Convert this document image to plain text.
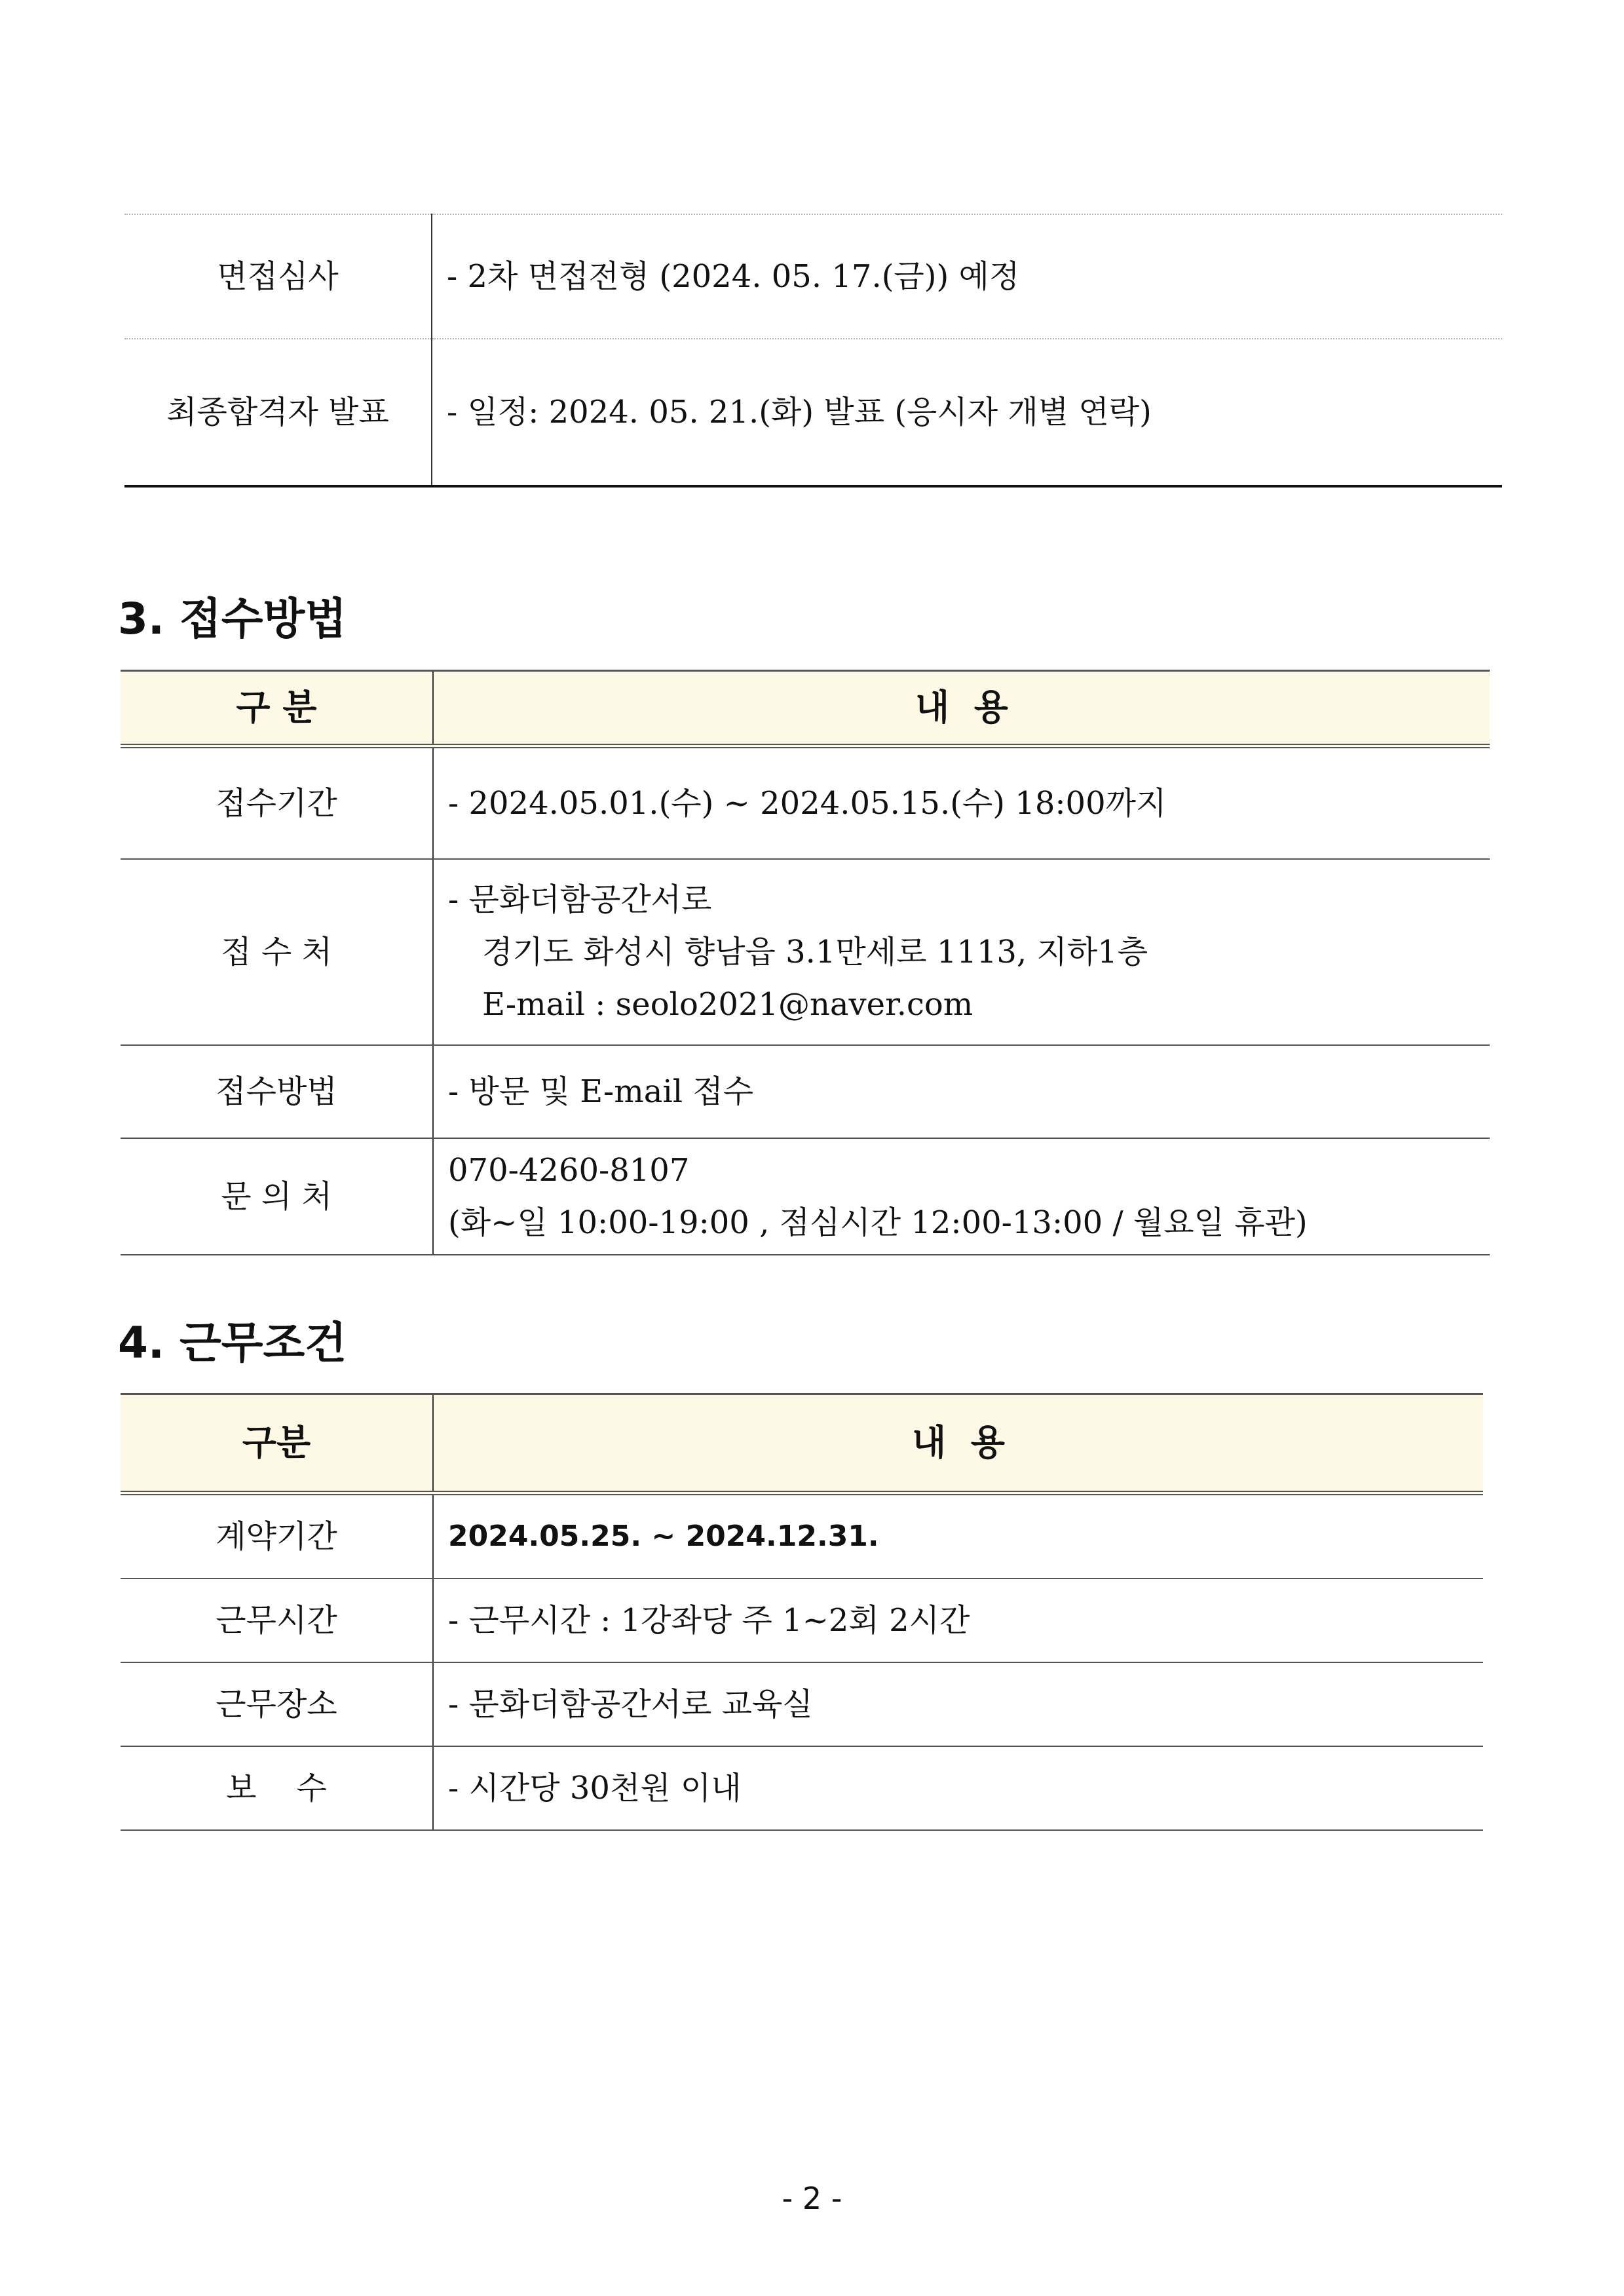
면접심사	- 2차 면접전형 (2024. 05. 17.(금)) 예정
최종합격자 발표	- 일정: 2024. 05. 21.(화) 발표 (응시자 개별 연락)
3. 접수방법
구 분	내  용
접수기간	- 2024.05.01.(수) ~ 2024.05.15.(수) 18:00까지

접 수 처	- 문화더함공간서로
경기도 화성시 향남읍 3.1만세로 1113, 지하1층
E-mail : seolo2021@naver.com

접수방법	- 방문 및 E-mail 접수

문 의 처	070-4260-8107
(화~일 10:00-19:00 , 점심시간 12:00-13:00 / 월요일 휴관)
4. 근무조건
구분	내  용
계약기간	2024.05.25. ~ 2024.12.31.
근무시간	- 근무시간 : 1강좌당 주 1~2회 2시간
근무장소	- 문화더함공간서로 교육실
보    수	- 시간당 30천원 이내
- 2 -
